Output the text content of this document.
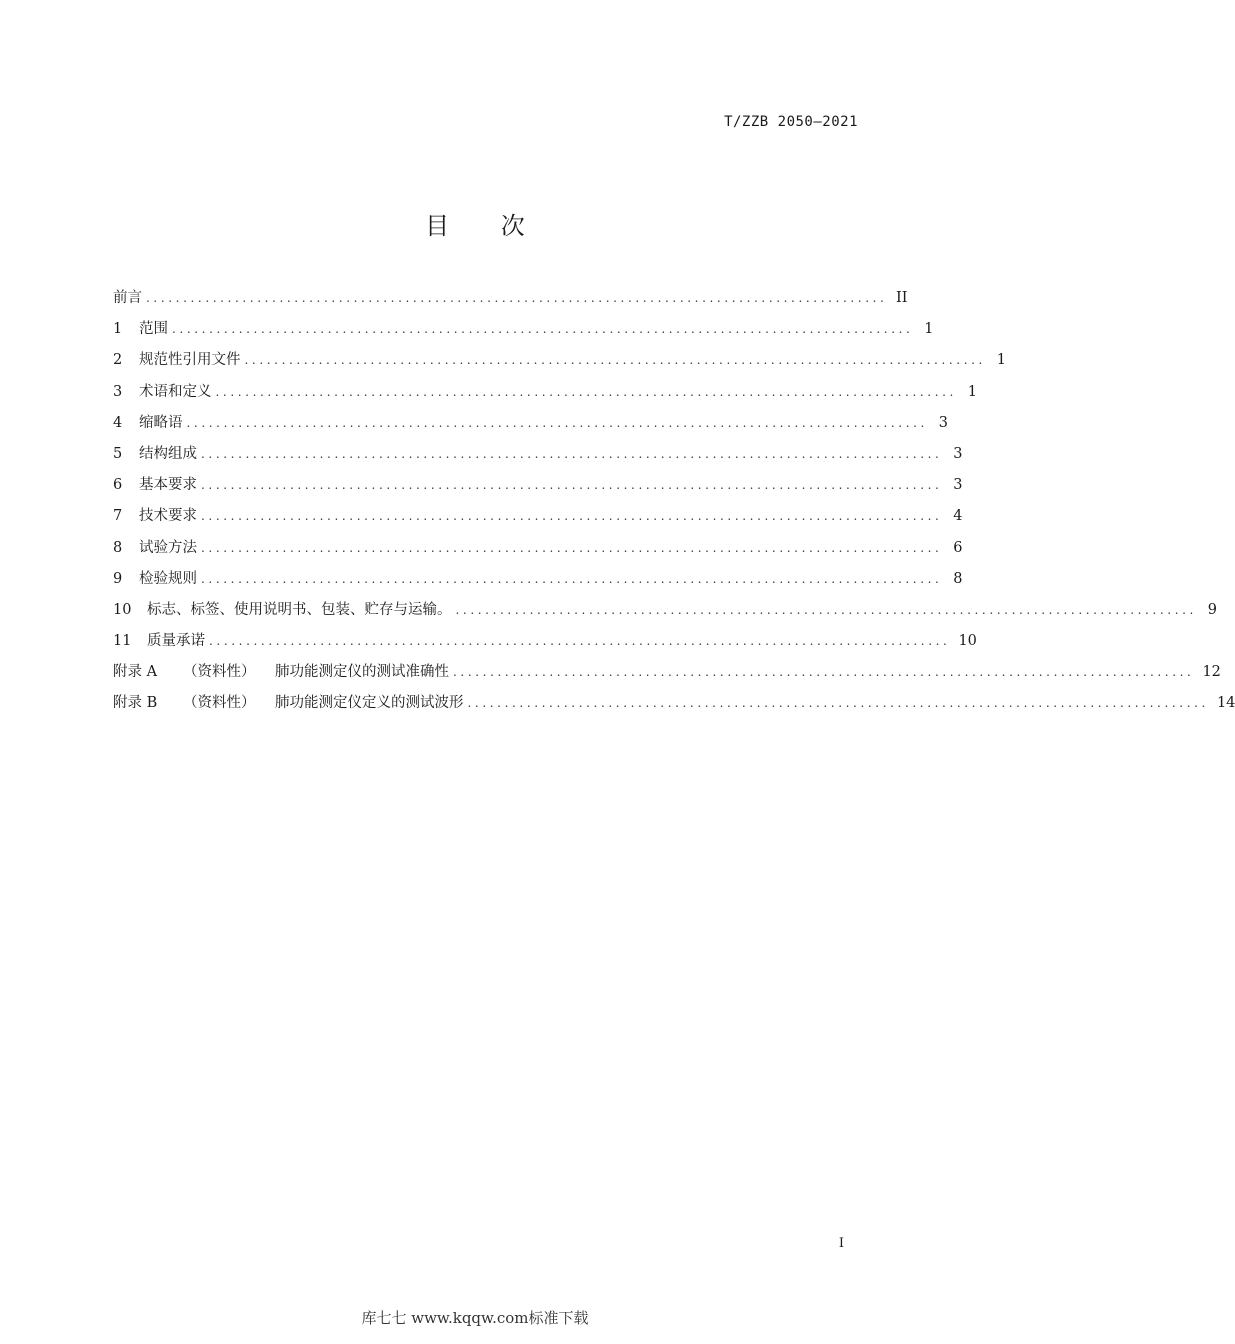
T/ZZB 2050—2021
目 次
前言 .................................................................................................... II
1	范围 .................................................................................................... 1
2	规范性引用文件 .................................................................................................... 1
3	术语和定义 .................................................................................................... 1
4	缩略语 .................................................................................................... 3
5	结构组成 .................................................................................................... 3
6	基本要求 .................................................................................................... 3
7	技术要求 .................................................................................................... 4
8	试验方法 .................................................................................................... 6
9	检验规则 .................................................................................................... 8
10	标志、标签、使用说明书、包装、贮存与运输。 .................................................................................................... 9
11	质量承诺 .................................................................................................... 10
附录 A	（资料性）	肺功能测定仪的测试准确性 .................................................................................................... 12
附录 B	（资料性）	肺功能测定仪定义的测试波形 .................................................................................................... 14
I
库七七 www.kqqw.com标准下载
